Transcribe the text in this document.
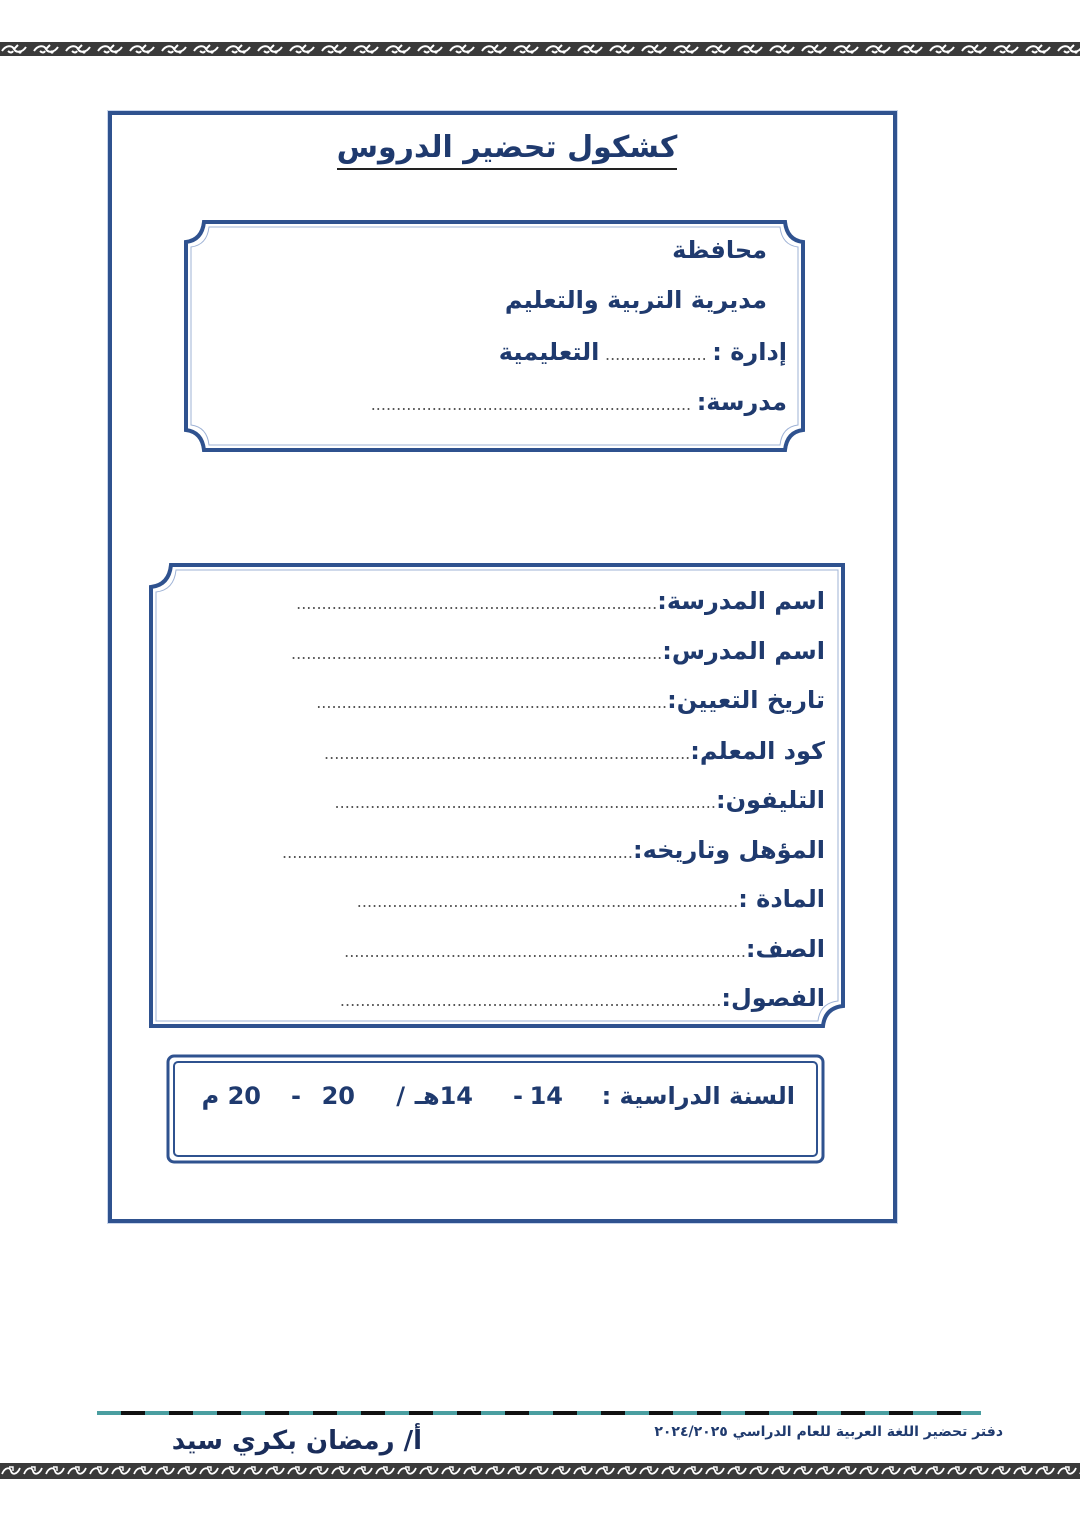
كشكول تحضير الدروس
محافظة
مديرية التربية والتعليم
إدارة : .................... التعليمية
مدرسة: ...............................................................
اسم المدرسة:.......................................................................
اسم المدرس:.........................................................................
تاريخ التعيين:.....................................................................
كود المعلم:........................................................................
التليفون:...........................................................................
المؤهل وتاريخه:.....................................................................
المادة :...........................................................................
الصف:...............................................................................
الفصول:...........................................................................
السنة الدراسية :
14
-
14هـ
/
20
-
20 م
دفتر تحضير اللغة العربية للعام الدراسي ٢٠٢٤/٢٠٢٥
أ/ رمضان بكري سيد
